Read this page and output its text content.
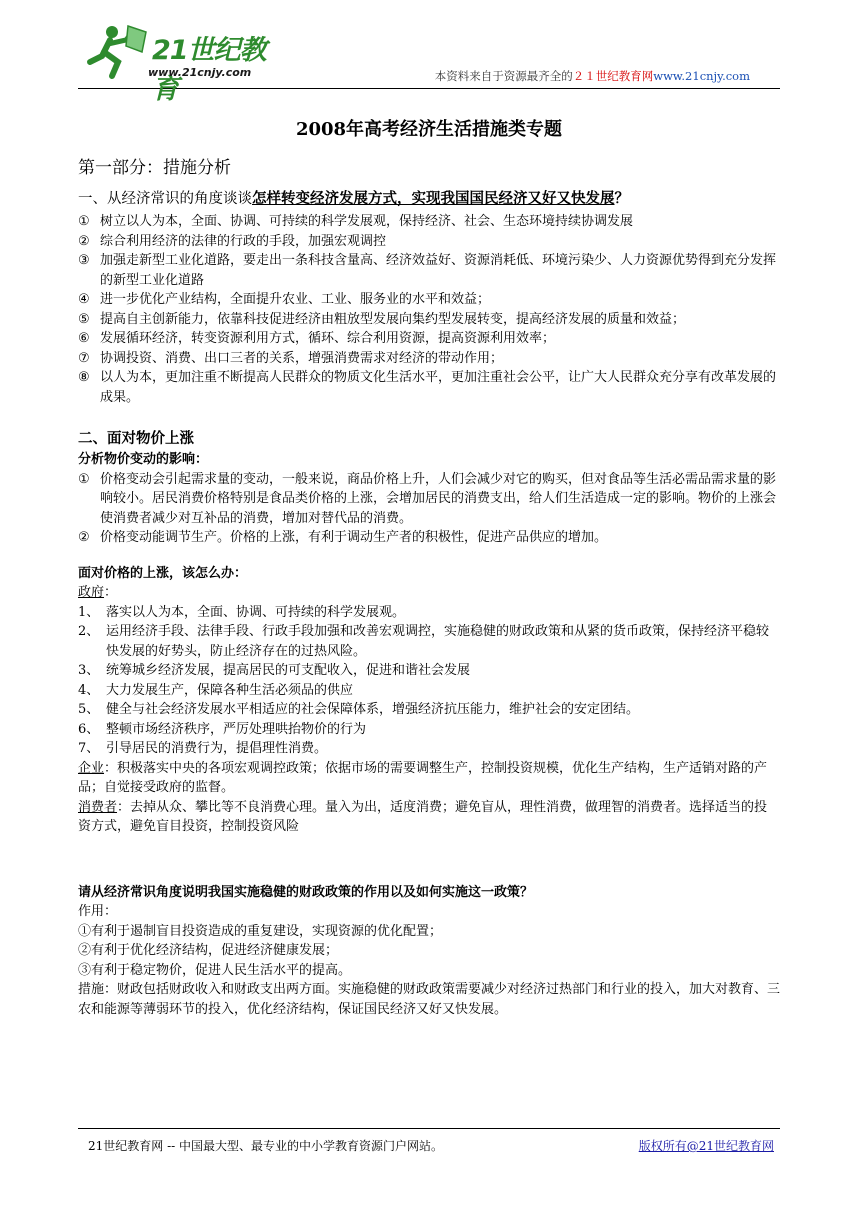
21世纪教育
www.21cnjy.com	本资料来自于资源最齐全的２１世纪教育网www.21cnjy.com
2008年高考经济生活措施类专题
第一部分：措施分析
一、从经济常识的角度谈谈怎样转变经济发展方式，实现我国国民经济又好又快发展？
① 树立以人为本，全面、协调、可持续的科学发展观，保持经济、社会、生态环境持续协调发展
② 综合利用经济的法律的行政的手段，加强宏观调控
③ 加强走新型工业化道路，要走出一条科技含量高、经济效益好、资源消耗低、环境污染少、人力资源优势得到充分发挥的新型工业化道路
④ 进一步优化产业结构，全面提升农业、工业、服务业的水平和效益；
⑤ 提高自主创新能力，依靠科技促进经济由粗放型发展向集约型发展转变，提高经济发展的质量和效益；
⑥ 发展循环经济，转变资源利用方式，循环、综合利用资源，提高资源利用效率；
⑦ 协调投资、消费、出口三者的关系，增强消费需求对经济的带动作用；
⑧ 以人为本，更加注重不断提高人民群众的物质文化生活水平，更加注重社会公平，让广大人民群众充分享有改革发展的成果。
二、面对物价上涨
分析物价变动的影响：
① 价格变动会引起需求量的变动，一般来说，商品价格上升，人们会减少对它的购买，但对食品等生活必需品需求量的影响较小。居民消费价格特别是食品类价格的上涨，会增加居民的消费支出，给人们生活造成一定的影响。物价的上涨会使消费者减少对互补品的消费，增加对替代品的消费。
② 价格变动能调节生产。价格的上涨，有利于调动生产者的积极性，促进产品供应的增加。
面对价格的上涨，该怎么办：
政府：
1、 落实以人为本，全面、协调、可持续的科学发展观。
2、 运用经济手段、法律手段、行政手段加强和改善宏观调控，实施稳健的财政政策和从紧的货币政策，保持经济平稳较快发展的好势头，防止经济存在的过热风险。
3、 统筹城乡经济发展，提高居民的可支配收入，促进和谐社会发展
4、 大力发展生产，保障各种生活必须品的供应
5、 健全与社会经济发展水平相适应的社会保障体系，增强经济抗压能力，维护社会的安定团结。
6、 整顿市场经济秩序，严厉处理哄抬物价的行为
7、 引导居民的消费行为，提倡理性消费。
企业：积极落实中央的各项宏观调控政策；依据市场的需要调整生产，控制投资规模，优化生产结构，生产适销对路的产品；自觉接受政府的监督。
消费者：去掉从众、攀比等不良消费心理。量入为出，适度消费；避免盲从，理性消费，做理智的消费者。选择适当的投资方式，避免盲目投资，控制投资风险
请从经济常识角度说明我国实施稳健的财政政策的作用以及如何实施这一政策？
作用：
①有利于遏制盲目投资造成的重复建设，实现资源的优化配置；
②有利于优化经济结构，促进经济健康发展；
③有利于稳定物价，促进人民生活水平的提高。
措施：财政包括财政收入和财政支出两方面。实施稳健的财政政策需要减少对经济过热部门和行业的投入，加大对教育、三农和能源等薄弱环节的投入，优化经济结构，保证国民经济又好又快发展。
21世纪教育网 -- 中国最大型、最专业的中小学教育资源门户网站。	版权所有@21世纪教育网
